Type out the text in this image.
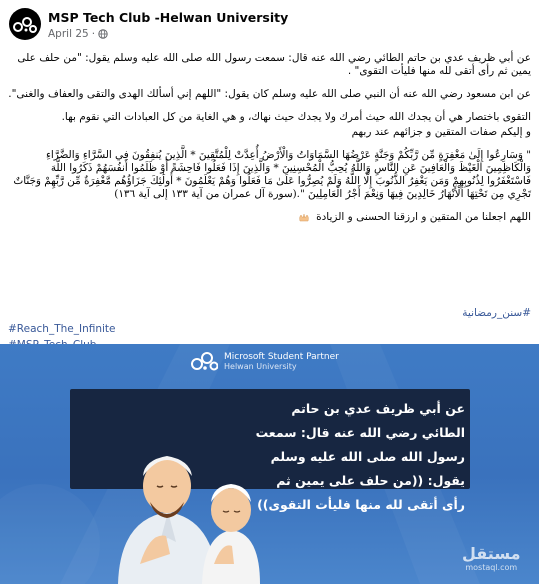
MSP Tech Club -Helwan University
April 25 ·
عن أبي ظريف عدي بن حاتم الطائي رضي الله عنه قال: سمعت رسول الله صلى الله عليه وسلم يقول: "من حلف على يمين ثم رأى أتقى لله منها فليأت التقوى" .
عن ابن مسعود رضي الله عنه أن النبي صلى الله عليه وسلم كان يقول: "اللهم إني أسألك الهدى والتقى والعفاف والغنى".
التقوى باختصار هي أن يجدك الله حيث أمرك ولا يجدك حيث نهاك، و هي الغاية من كل العبادات التي نقوم بها.
و إليكم صفات المتقين و جزائهم عند ربهم
" وَسَارِعُوا إِلَىٰ مَغْفِرَةٍ مِّن رَّبِّكُمْ وَجَنَّةٍ عَرْضُهَا السَّمَاوَاتُ وَالْأَرْضُ أُعِدَّتْ لِلْمُتَّقِينَ * الَّذِينَ يُنفِقُونَ فِي السَّرَّاءِ وَالضَّرَّاءِ وَالْكَاظِمِينَ الْغَيْظَ وَالْعَافِينَ عَنِ النَّاسِ وَاللَّهُ يُحِبُّ الْمُحْسِنِينَ * وَالَّذِينَ إِذَا فَعَلُوا فَاحِشَةً أَوْ ظَلَمُوا أَنفُسَهُمْ ذَكَرُوا اللَّهَ فَاسْتَغْفَرُوا لِذُنُوبِهِمْ وَمَن يَغْفِرُ الذُّنُوبَ إِلَّا اللَّهُ وَلَمْ يُصِرُّوا عَلَىٰ مَا فَعَلُوا وَهُمْ يَعْلَمُونَ * أُولَٰئِكَ جَزَاؤُهُم مَّغْفِرَةٌ مِّن رَّبِّهِمْ وَجَنَّاتٌ تَجْرِي مِن تَحْتِهَا الْأَنْهَارُ خَالِدِينَ فِيهَا وَنِعْمَ أَجْرُ الْعَامِلِينَ ".(سورة آل عمران من آية ١٣٣ إلى آية ١٣٦)
اللهم اجعلنا من المتقين و ارزقنا الحسنى و الزيادة
#سنن_رمضانية
#Reach_The_Infinite
Microsoft Student Partner
Helwan University
عن أبي ظريف عدي بن حاتم الطائي رضي الله عنه قال: سمعت رسول الله صلى الله عليه وسلم يقول: ((من حلف على يمين ثم رأى أتقى لله منها فليأت التقوى))
مستقل
mostaql.com
